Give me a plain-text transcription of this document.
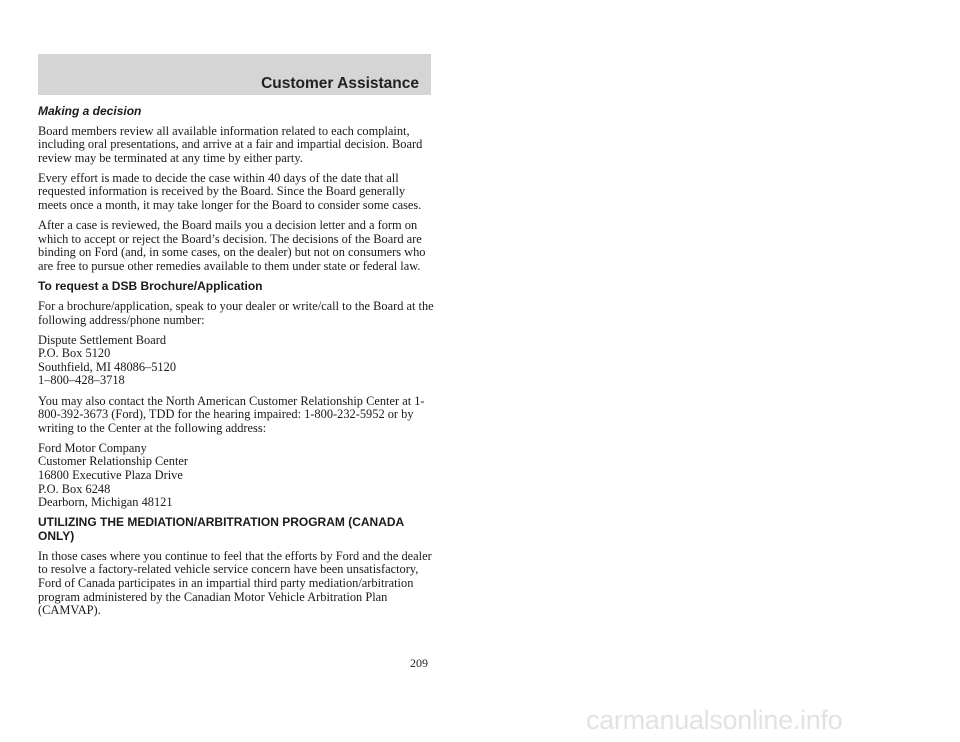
Customer Assistance

Making a decision

Board members review all available information related to each complaint, including oral presentations, and arrive at a fair and impartial decision. Board review may be terminated at any time by either party.

Every effort is made to decide the case within 40 days of the date that all requested information is received by the Board. Since the Board generally meets once a month, it may take longer for the Board to consider some cases.

After a case is reviewed, the Board mails you a decision letter and a form on which to accept or reject the Board’s decision. The decisions of the Board are binding on Ford (and, in some cases, on the dealer) but not on consumers who are free to pursue other remedies available to them under state or federal law.

To request a DSB Brochure/Application

For a brochure/application, speak to your dealer or write/call to the Board at the following address/phone number:

Dispute Settlement Board
P.O. Box 5120
Southfield, MI 48086–5120
1–800–428–3718

You may also contact the North American Customer Relationship Center at 1-800-392-3673 (Ford), TDD for the hearing impaired: 1-800-232-5952 or by writing to the Center at the following address:

Ford Motor Company
Customer Relationship Center
16800 Executive Plaza Drive
P.O. Box 6248
Dearborn, Michigan 48121

UTILIZING THE MEDIATION/ARBITRATION PROGRAM (CANADA ONLY)

In those cases where you continue to feel that the efforts by Ford and the dealer to resolve a factory-related vehicle service concern have been unsatisfactory, Ford of Canada participates in an impartial third party mediation/arbitration program administered by the Canadian Motor Vehicle Arbitration Plan (CAMVAP).

209
carmanualsonline.info
